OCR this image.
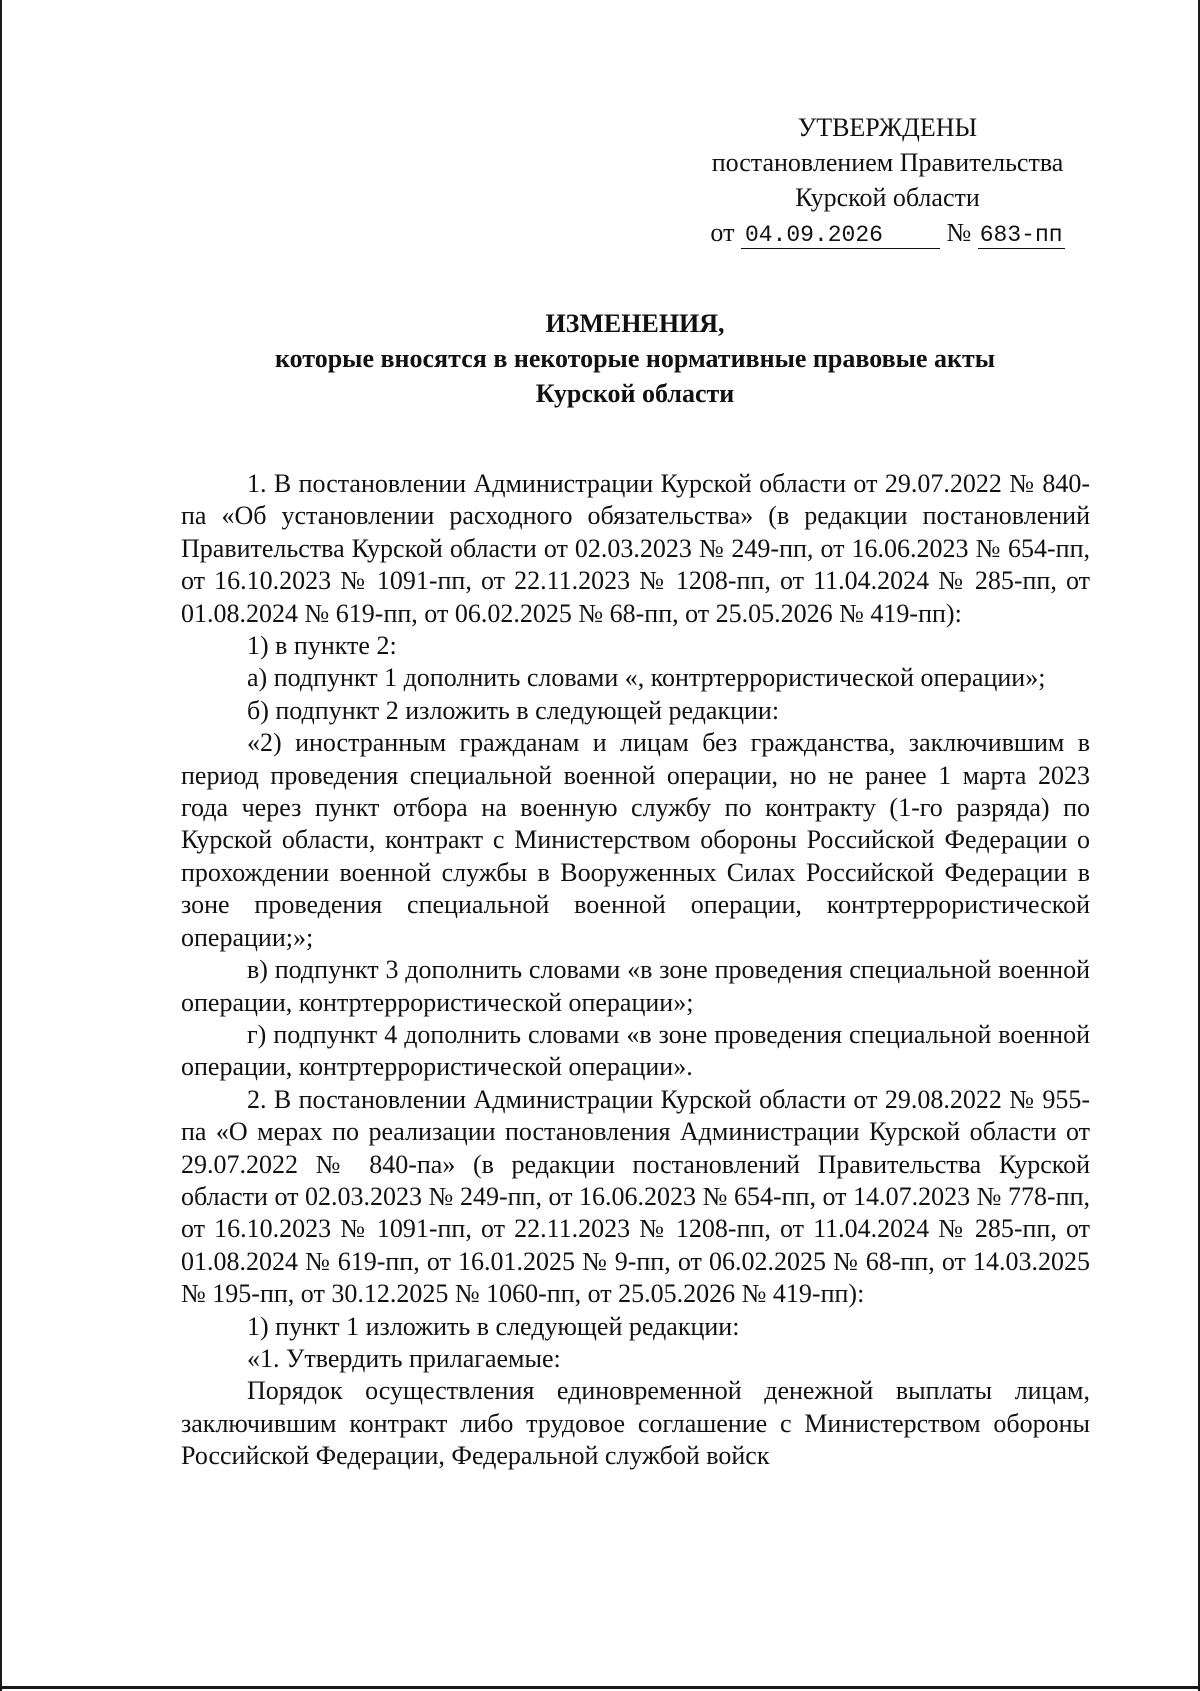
УТВЕРЖДЕНЫ
постановлением Правительства
Курской области
от 04.09.2026 № 683-пп
ИЗМЕНЕНИЯ,
которые вносятся в некоторые нормативные правовые акты
Курской области

1. В постановлении Администрации Курской области от 29.07.2022 № 840-па «Об установлении расходного обязательства» (в редакции постановлений Правительства Курской области от 02.03.2023 № 249-пп, от 16.06.2023 № 654-пп, от 16.10.2023 № 1091-пп, от 22.11.2023 № 1208-пп, от 11.04.2024 № 285-пп, от 01.08.2024 № 619-пп, от 06.02.2025 № 68-пп, от 25.05.2026 № 419-пп):

1) в пункте 2:

а) подпункт 1 дополнить словами «, контртеррористической операции»;

б) подпункт 2 изложить в следующей редакции:

«2) иностранным гражданам и лицам без гражданства, заключившим в период проведения специальной военной операции, но не ранее 1 марта 2023 года через пункт отбора на военную службу по контракту (1-го разряда) по Курской области, контракт с Министерством обороны Российской Федерации о прохождении военной службы в Вооруженных Силах Российской Федерации в зоне проведения специальной военной операции, контртеррористической операции;»;

в) подпункт 3 дополнить словами «в зоне проведения специальной военной операции, контртеррористической операции»;

г) подпункт 4 дополнить словами «в зоне проведения специальной военной операции, контртеррористической операции».

2. В постановлении Администрации Курской области от 29.08.2022 № 955-па «О мерах по реализации постановления Администрации Курской области от 29.07.2022 № 840-па» (в редакции постановлений Правительства Курской области от 02.03.2023 № 249-пп, от 16.06.2023 № 654-пп, от 14.07.2023 № 778-пп, от 16.10.2023 № 1091-пп, от 22.11.2023 № 1208-пп, от 11.04.2024 № 285-пп, от 01.08.2024 № 619-пп, от 16.01.2025 № 9-пп, от 06.02.2025 № 68-пп, от 14.03.2025 № 195-пп, от 30.12.2025 № 1060-пп, от 25.05.2026 № 419-пп):

1) пункт 1 изложить в следующей редакции:

«1. Утвердить прилагаемые:

Порядок осуществления единовременной денежной выплаты лицам, заключившим контракт либо трудовое соглашение с Министерством обороны Российской Федерации, Федеральной службой войск
